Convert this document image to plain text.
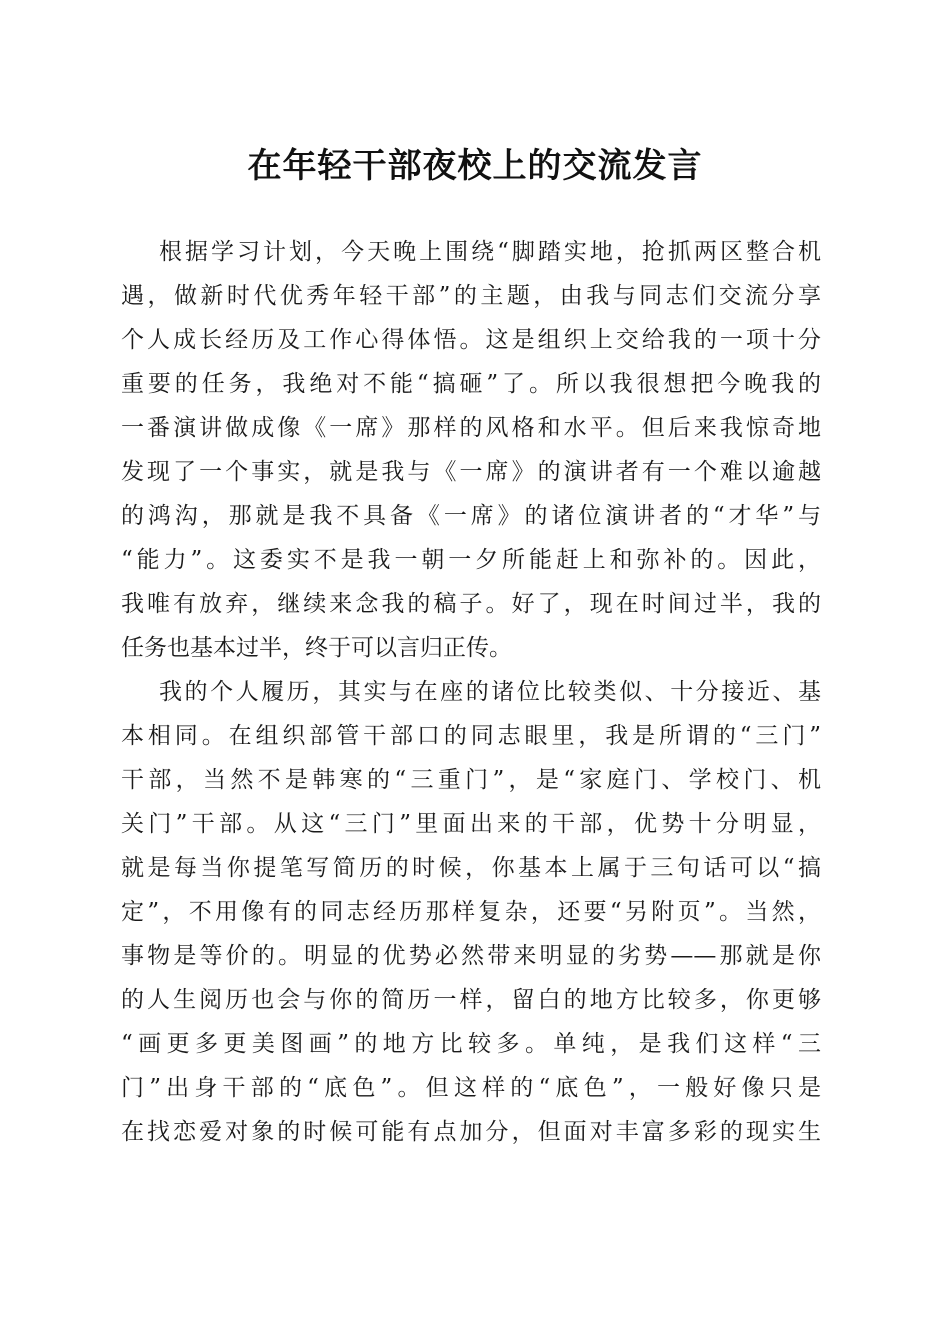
在年轻干部夜校上的交流发言
根据学习计划，今天晚上围绕“脚踏实地，抢抓两区整合机
遇，做新时代优秀年轻干部”的主题，由我与同志们交流分享
个人成长经历及工作心得体悟。这是组织上交给我的一项十分
重要的任务，我绝对不能“搞砸”了。所以我很想把今晚我的
一番演讲做成像《一席》那样的风格和水平。但后来我惊奇地
发现了一个事实，就是我与《一席》的演讲者有一个难以逾越
的鸿沟，那就是我不具备《一席》的诸位演讲者的“才华”与
“能力”。这委实不是我一朝一夕所能赶上和弥补的。因此，
我唯有放弃，继续来念我的稿子。好了，现在时间过半，我的
任务也基本过半，终于可以言归正传。
我的个人履历，其实与在座的诸位比较类似、十分接近、基
本相同。在组织部管干部口的同志眼里，我是所谓的“三门”
干部，当然不是韩寒的“三重门”，是“家庭门、学校门、机
关门”干部。从这“三门”里面出来的干部，优势十分明显，
就是每当你提笔写简历的时候，你基本上属于三句话可以“搞
定”，不用像有的同志经历那样复杂，还要“另附页”。当然，
事物是等价的。明显的优势必然带来明显的劣势——那就是你
的人生阅历也会与你的简历一样，留白的地方比较多，你更够
“画更多更美图画”的地方比较多。单纯，是我们这样“三
门”出身干部的“底色”。但这样的“底色”，一般好像只是
在找恋爱对象的时候可能有点加分，但面对丰富多彩的现实生
